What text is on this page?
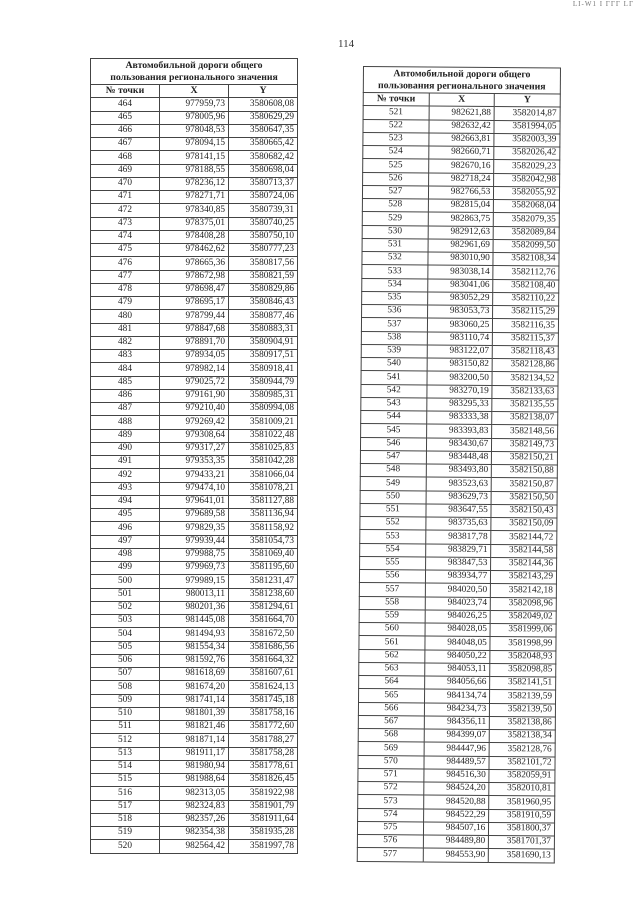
LI-W1 I ГГГ LГ
114
Автомобильной дороги общего		
пользования регионального значения		
№ точки	X	Y
464	977959,73	3580608,08
465	978005,96	3580629,29
466	978048,53	3580647,35
467	978094,15	3580665,42
468	978141,15	3580682,42
469	978188,55	3580698,04
470	978236,12	3580713,37
471	978271,71	3580724,06
472	978340,85	3580739,31
473	978375,01	3580740,25
474	978408,28	3580750,10
475	978462,62	3580777,23
476	978665,36	3580817,56
477	978672,98	3580821,59
478	978698,47	3580829,86
479	978695,17	3580846,43
480	978799,44	3580877,46
481	978847,68	3580883,31
482	978891,70	3580904,91
483	978934,05	3580917,51
484	978982,14	3580918,41
485	979025,72	3580944,79
486	979161,90	3580985,31
487	979210,40	3580994,08
488	979269,42	3581009,21
489	979308,64	3581022,48
490	979317,27	3581025,83
491	979353,35	3581042,28
492	979433,21	3581066,04
493	979474,10	3581078,21
494	979641,01	3581127,88
495	979689,58	3581136,94
496	979829,35	3581158,92
497	979939,44	3581054,73
498	979988,75	3581069,40
499	979969,73	3581195,60
500	979989,15	3581231,47
501	980013,11	3581238,60
502	980201,36	3581294,61
503	981445,08	3581664,70
504	981494,93	3581672,50
505	981554,34	3581686,56
506	981592,76	3581664,32
507	981618,69	3581607,61
508	981674,20	3581624,13
509	981741,14	3581745,18
510	981801,39	3581758,16
511	981821,46	3581772,60
512	981871,14	3581788,27
513	981911,17	3581758,28
514	981980,94	3581778,61
515	981988,64	3581826,45
516	982313,05	3581922,98
517	982324,83	3581901,79
518	982357,26	3581911,64
519	982354,38	3581935,28
520	982564,42	3581997,78
Автомобильной дороги общего		
пользования регионального значения		
№ точки	X	Y
521	982621,88	3582014,87
522	982632,42	3581994,05
523	982663,81	3582003,39
524	982660,71	3582026,42
525	982670,16	3582029,23
526	982718,24	3582042,98
527	982766,53	3582055,92
528	982815,04	3582068,04
529	982863,75	3582079,35
530	982912,63	3582089,84
531	982961,69	3582099,50
532	983010,90	3582108,34
533	983038,14	3582112,76
534	983041,06	3582108,40
535	983052,29	3582110,22
536	983053,73	3582115,29
537	983060,25	3582116,35
538	983110,74	3582115,37
539	983122,07	3582118,43
540	983150,82	3582128,86
541	983200,50	3582134,52
542	983270,19	3582133,63
543	983295,33	3582135,55
544	983333,38	3582138,07
545	983393,83	3582148,56
546	983430,67	3582149,73
547	983448,48	3582150,21
548	983493,80	3582150,88
549	983523,63	3582150,87
550	983629,73	3582150,50
551	983647,55	3582150,43
552	983735,63	3582150,09
553	983817,78	3582144,72
554	983829,71	3582144,58
555	983847,53	3582144,36
556	983934,77	3582143,29
557	984020,50	3582142,18
558	984023,74	3582098,96
559	984026,25	3582049,02
560	984028,05	3581999,06
561	984048,05	3581998,99
562	984050,22	3582048,93
563	984053,11	3582098,85
564	984056,66	3582141,51
565	984134,74	3582139,59
566	984234,73	3582139,50
567	984356,11	3582138,86
568	984399,07	3582138,34
569	984447,96	3582128,76
570	984489,57	3582101,72
571	984516,30	3582059,91
572	984524,20	3582010,81
573	984520,88	3581960,95
574	984522,29	3581910,59
575	984507,16	3581800,37
576	984489,80	3581701,37
577	984553,90	3581690,13
